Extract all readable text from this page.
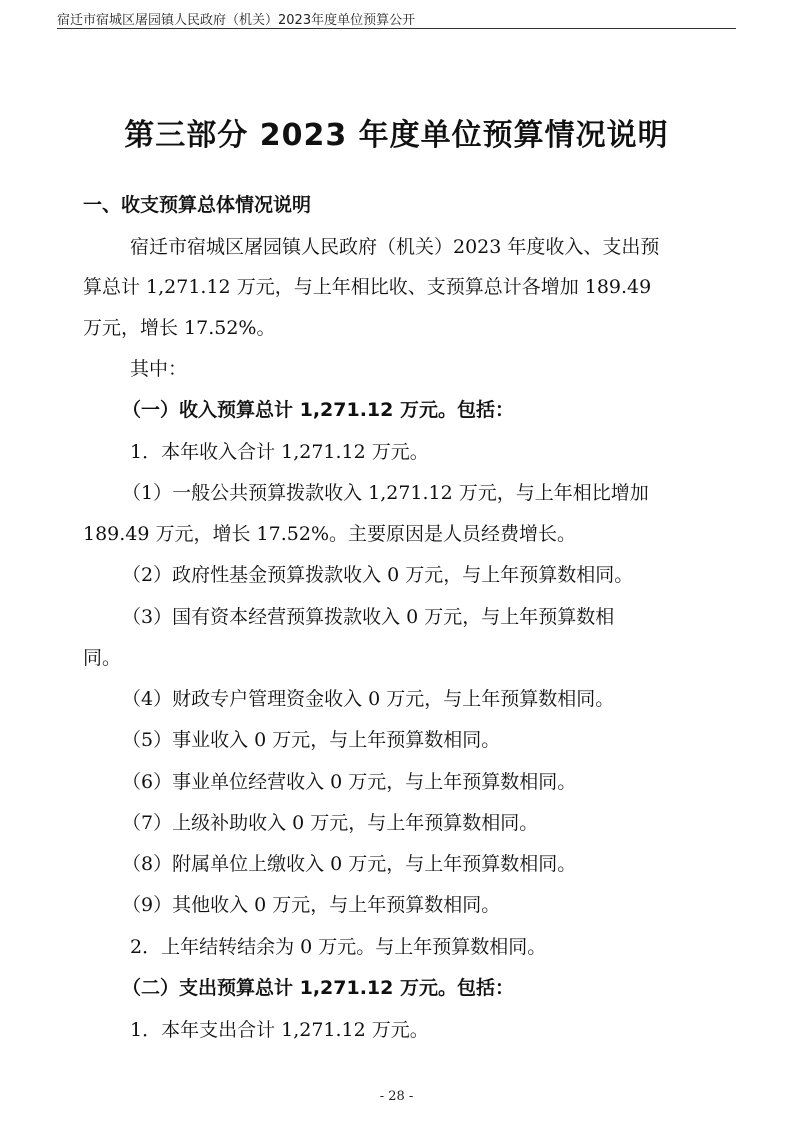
宿迁市宿城区屠园镇人民政府（机关）2023年度单位预算公开
第三部分 2023 年度单位预算情况说明
一、收支预算总体情况说明
宿迁市宿城区屠园镇人民政府（机关）2023 年度收入、支出预
算总计 1,271.12 万元，与上年相比收、支预算总计各增加 189.49
万元，增长 17.52%。
其中：
（一）收入预算总计 1,271.12 万元。包括：
1．本年收入合计 1,271.12 万元。
（1）一般公共预算拨款收入 1,271.12 万元，与上年相比增加
189.49 万元，增长 17.52%。主要原因是人员经费增长。
（2）政府性基金预算拨款收入 0 万元，与上年预算数相同。
（3）国有资本经营预算拨款收入 0 万元，与上年预算数相
同。
（4）财政专户管理资金收入 0 万元，与上年预算数相同。
（5）事业收入 0 万元，与上年预算数相同。
（6）事业单位经营收入 0 万元，与上年预算数相同。
（7）上级补助收入 0 万元，与上年预算数相同。
（8）附属单位上缴收入 0 万元，与上年预算数相同。
（9）其他收入 0 万元，与上年预算数相同。
2．上年结转结余为 0 万元。与上年预算数相同。
（二）支出预算总计 1,271.12 万元。包括：
1．本年支出合计 1,271.12 万元。
- 28 -
